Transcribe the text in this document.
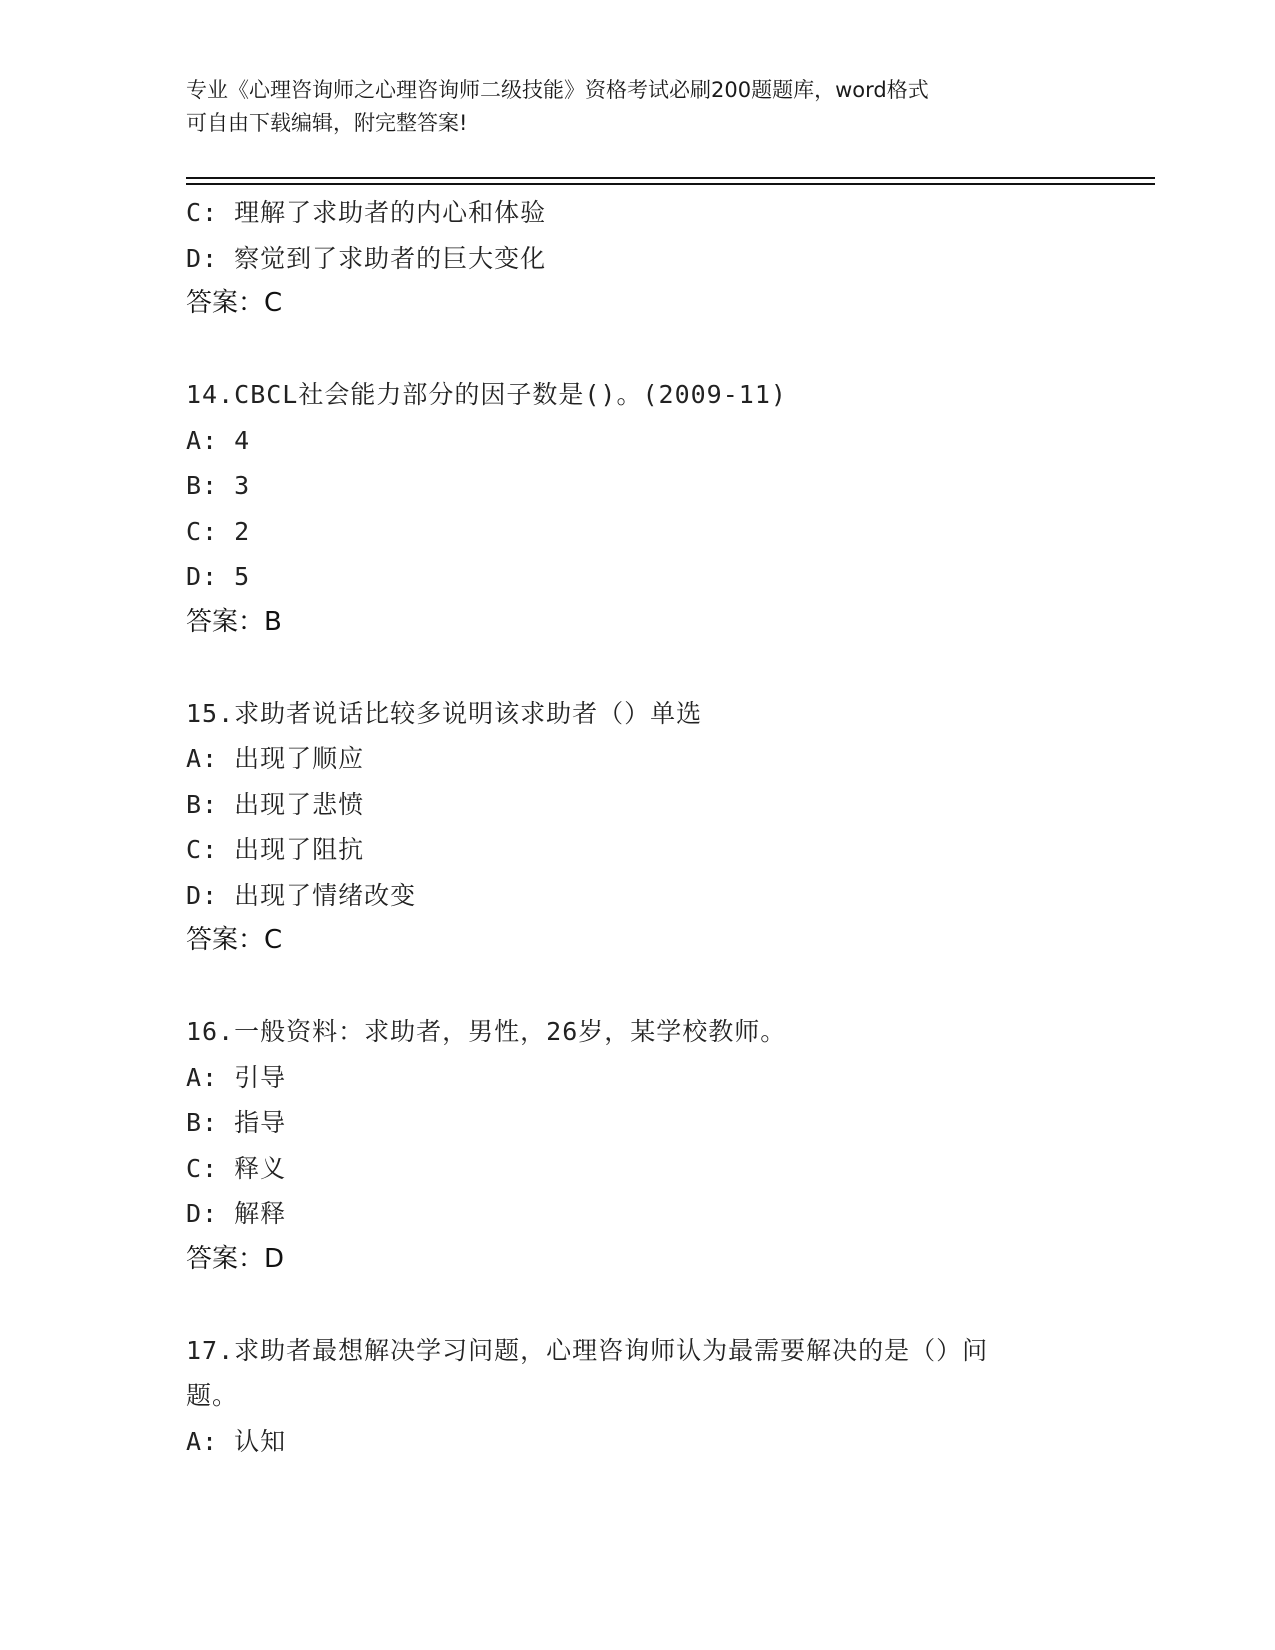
专业《心理咨询师之心理咨询师二级技能》资格考试必刷200题题库，word格式
可自由下载编辑，附完整答案!
C: 理解了求助者的内心和体验
D: 察觉到了求助者的巨大变化
答案：C
14.CBCL社会能力部分的因子数是()。(2009-11)
A: 4
B: 3
C: 2
D: 5
答案：B
15.求助者说话比较多说明该求助者（）单选
A: 出现了顺应
B: 出现了悲愤
C: 出现了阻抗
D: 出现了情绪改变
答案：C
16.一般资料：求助者，男性，26岁，某学校教师。
A: 引导
B: 指导
C: 释义
D: 解释
答案：D
17.求助者最想解决学习问题，心理咨询师认为最需要解决的是（）问
题。
A: 认知
